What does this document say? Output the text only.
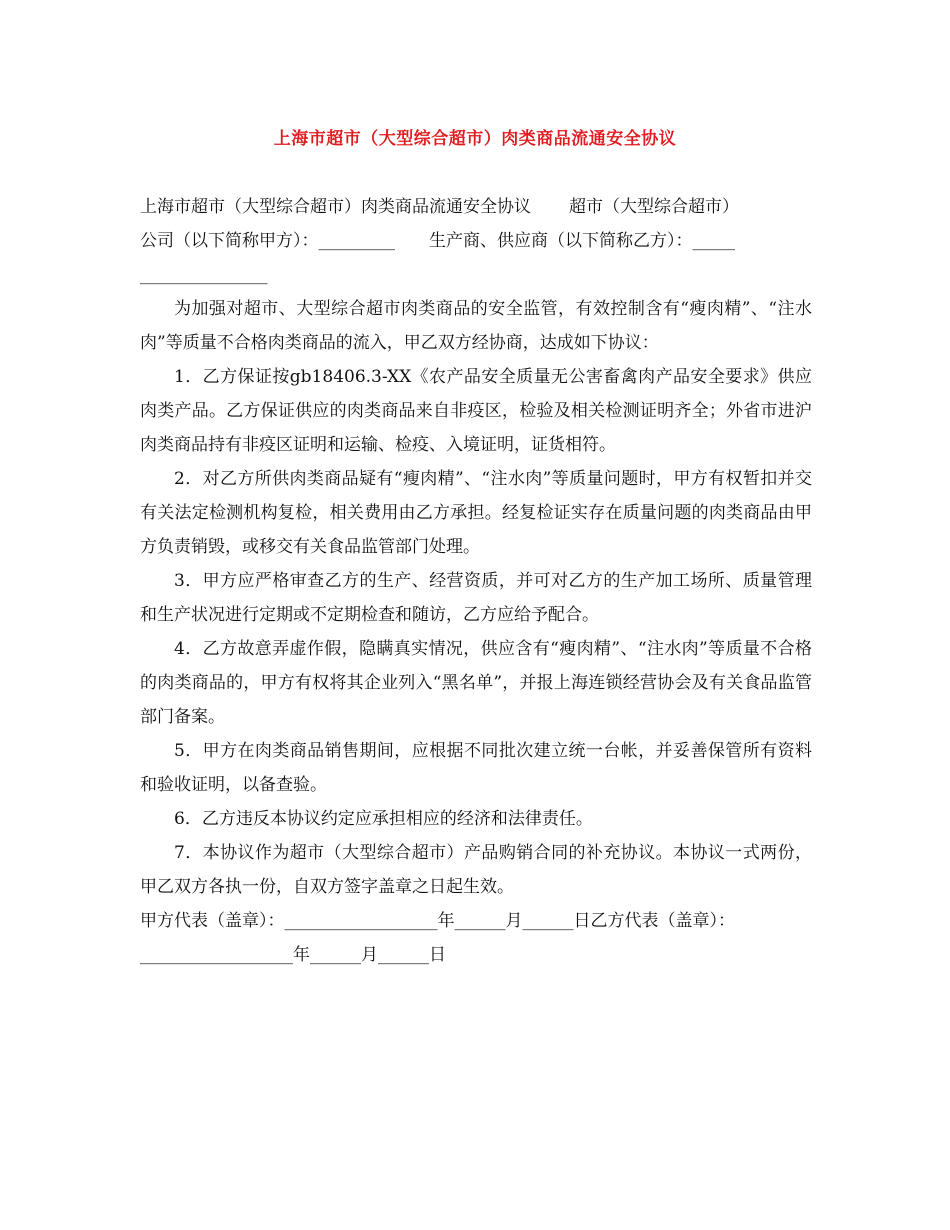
上海市超市（大型综合超市）肉类商品流通安全协议
上海市超市（大型综合超市）肉类商品流通安全协议 超市（大型综合超市）
公司（以下简称甲方）：_________ 生产商、供应商（以下简称乙方）：_____
_______________

为加强对超市、大型综合超市肉类商品的安全监管，有效控制含有“瘦肉精”、“注水肉”等质量不合格肉类商品的流入，甲乙双方经协商，达成如下协议：

1．乙方保证按gb18406.3-XX《农产品安全质量无公害畜禽肉产品安全要求》供应肉类产品。乙方保证供应的肉类商品来自非疫区，检验及相关检测证明齐全；外省市进沪肉类商品持有非疫区证明和运输、检疫、入境证明，证货相符。

2．对乙方所供肉类商品疑有“瘦肉精”、“注水肉”等质量问题时，甲方有权暂扣并交有关法定检测机构复检，相关费用由乙方承担。经复检证实存在质量问题的肉类商品由甲方负责销毁，或移交有关食品监管部门处理。

3．甲方应严格审查乙方的生产、经营资质，并可对乙方的生产加工场所、质量管理和生产状况进行定期或不定期检查和随访，乙方应给予配合。

4．乙方故意弄虚作假，隐瞒真实情况，供应含有“瘦肉精”、“注水肉”等质量不合格的肉类商品的，甲方有权将其企业列入“黑名单”，并报上海连锁经营协会及有关食品监管部门备案。

5．甲方在肉类商品销售期间，应根据不同批次建立统一台帐，并妥善保管所有资料和验收证明，以备查验。

6．乙方违反本协议约定应承担相应的经济和法律责任。

7．本协议作为超市（大型综合超市）产品购销合同的补充协议。本协议一式两份，甲乙双方各执一份，自双方签字盖章之日起生效。

甲方代表（盖章）：__________________年______月______日乙方代表（盖章）：
__________________年______月______日
